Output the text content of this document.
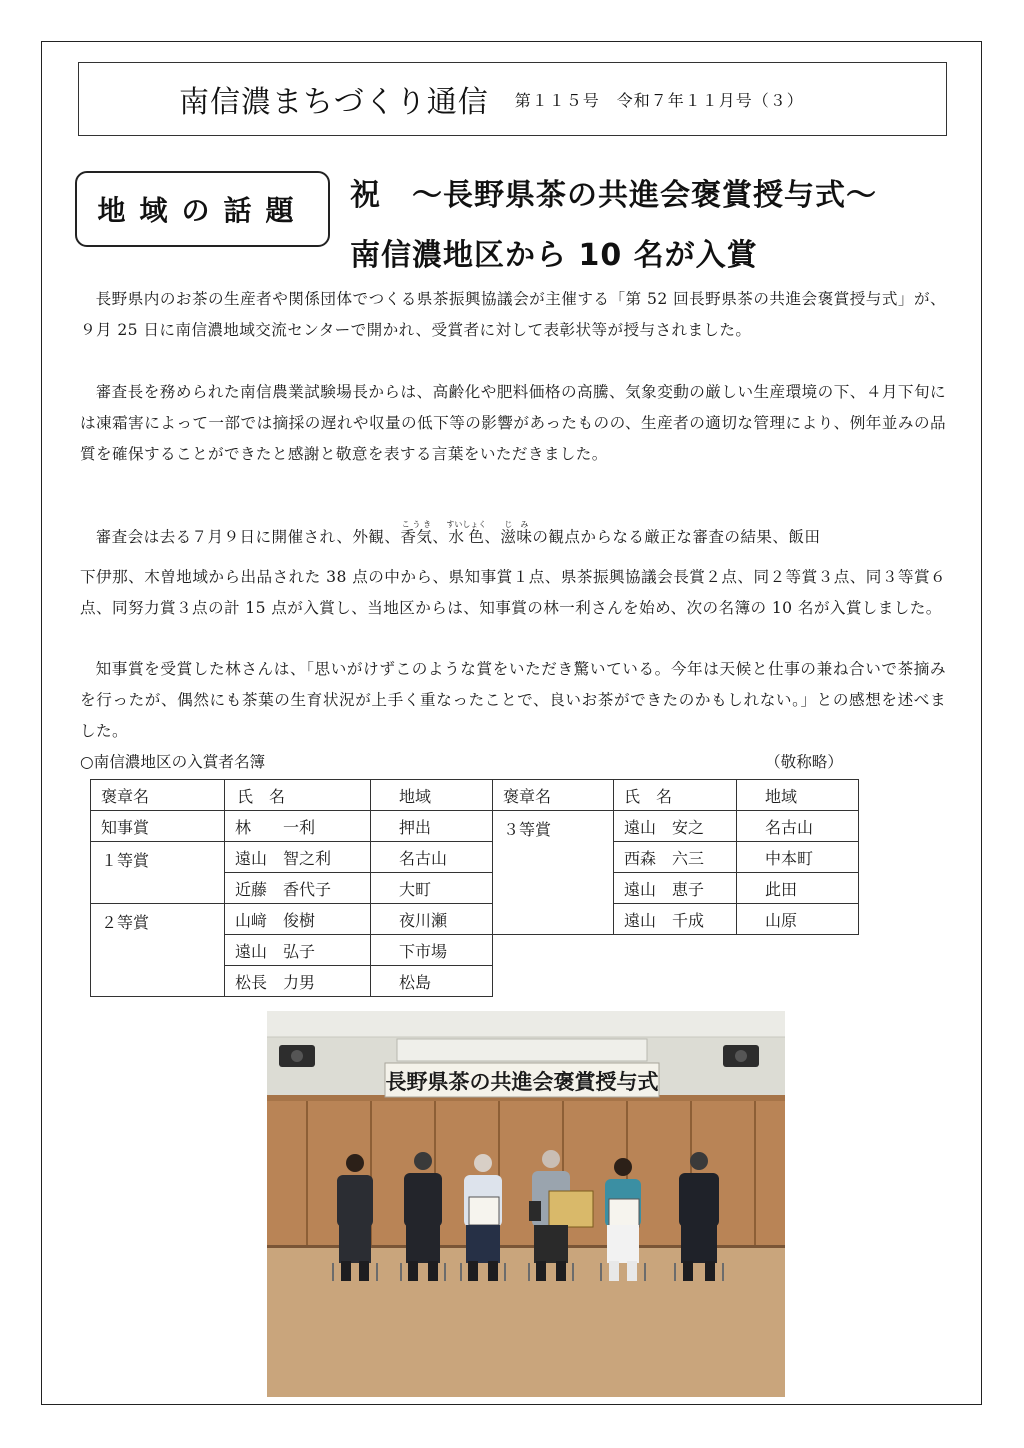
南信濃まちづくり通信 第１１５号　令和７年１１月号（３）
地域の話題	祝　～長野県茶の共進会褒賞授与式～
南信濃地区から 10 名が入賞

長野県内のお茶の生産者や関係団体でつくる県茶振興協議会が主催する「第 52 回長野県茶の共進会褒賞授与式」が、９月 25 日に南信濃地域交流センターで開かれ、受賞者に対して表彰状等が授与されました。

審査長を務められた南信農業試験場長からは、高齢化や肥料価格の高騰、気象変動の厳しい生産環境の下、４月下旬には凍霜害によって一部では摘採の遅れや収量の低下等の影響があったものの、生産者の適切な管理により、例年並みの品質を確保することができたと感謝と敬意を表する言葉をいただきました。

審査会は去る７月９日に開催され、外観、香気こうき、水色すいしょく、滋味じみの観点からなる厳正な審査の結果、飯田
下伊那、木曽地域から出品された 38 点の中から、県知事賞１点、県茶振興協議会長賞２点、同２等賞３点、同３等賞６点、同努力賞３点の計 15 点が入賞し、当地区からは、知事賞の林一利さんを始め、次の名簿の 10 名が入賞しました。

知事賞を受賞した林さんは、「思いがけずこのような賞をいただき驚いている。今年は天候と仕事の兼ね合いで茶摘みを行ったが、偶然にも茶葉の生育状況が上手く重なったことで、良いお茶ができたのかもしれない。」との感想を述べました。

○南信濃地区の入賞者名簿	（敬称略）
褒章名	氏　名	地域	褒章名	氏　名	地域
知事賞	林　　一利	押出	３等賞	遠山　安之	名古山
１等賞	遠山　智之利	名古山		西森　六三	中本町
	近藤　香代子	大町		遠山　恵子	此田
２等賞	山﨑　俊樹	夜川瀬		遠山　千成	山原
	遠山　弘子	下市場			
	松長　力男	松島			
長野県茶の共進会褒賞授与式
